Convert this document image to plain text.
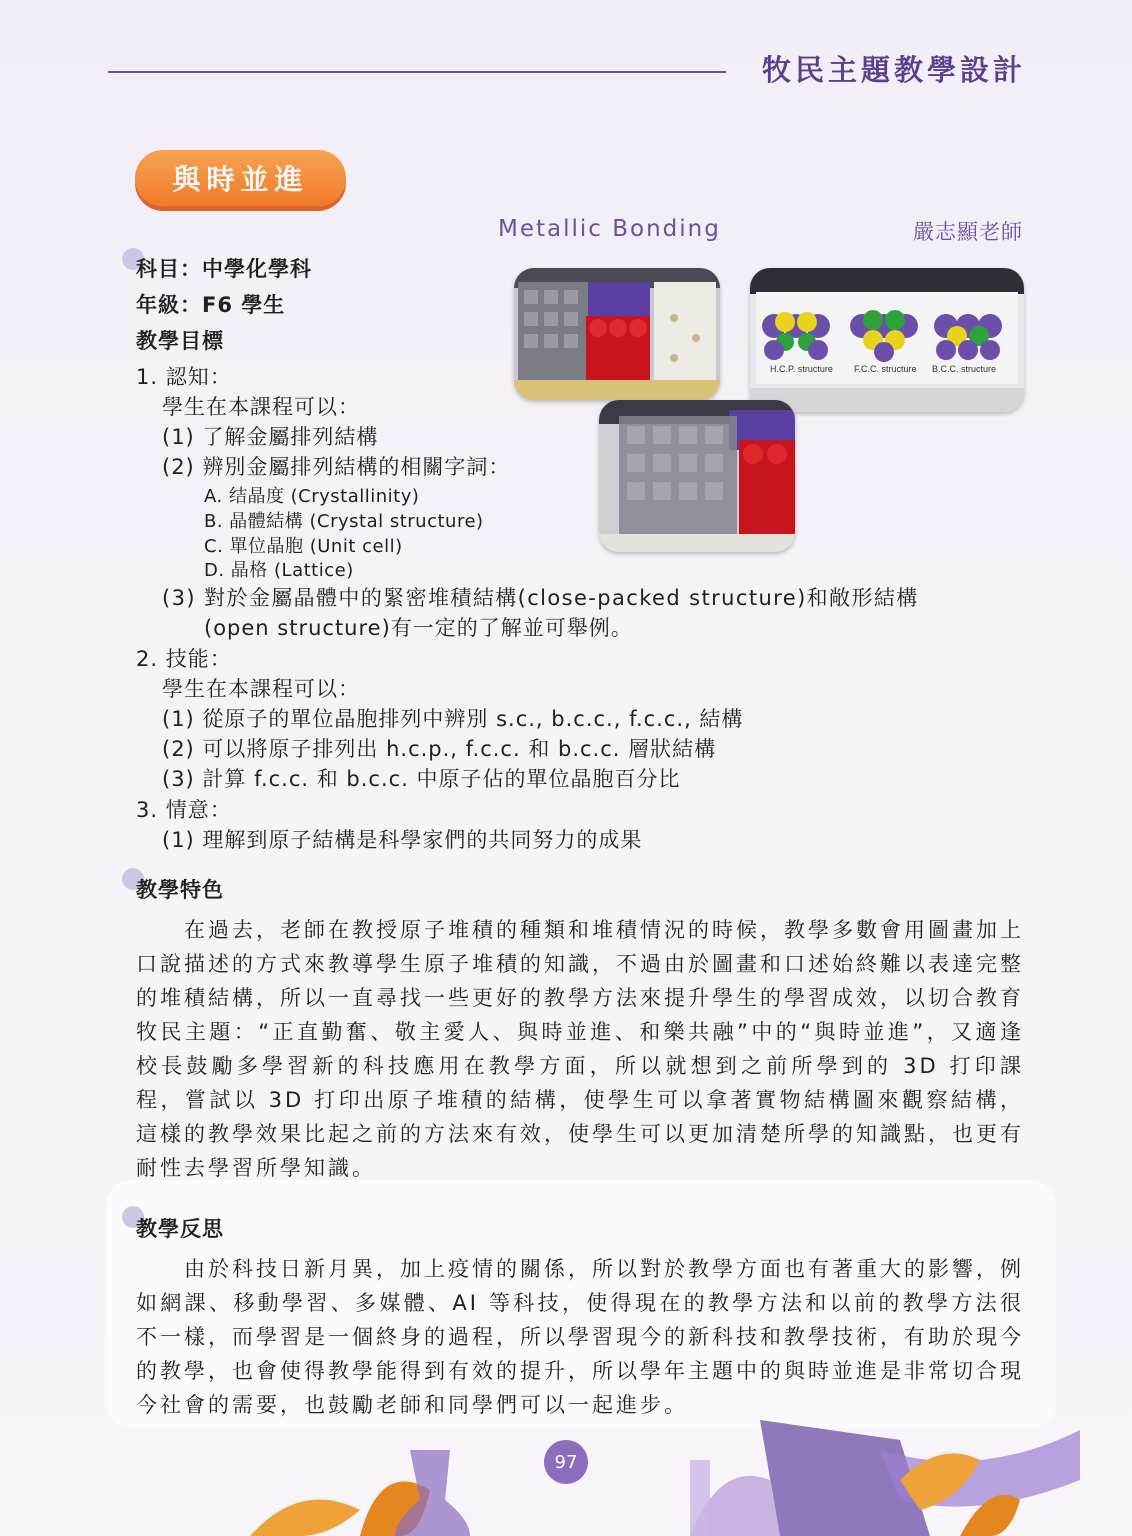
牧民主題教學設計
與時並進
Metallic Bonding	嚴志顯老師
H.C.P. structure F.C.C. structure B.C.C. structure
科目：中學化學科
年級：F6 學生
教學目標
1. 認知：
學生在本課程可以：
(1) 了解金屬排列結構
(2) 辨別金屬排列結構的相關字詞：
A. 结晶度 (Crystallinity)
B. 晶體結構 (Crystal structure)
C. 單位晶胞 (Unit cell)
D. 晶格 (Lattice)
(3) 對於金屬晶體中的緊密堆積結構(close-packed structure)和敞形結構
(open structure)有一定的了解並可舉例。
2. 技能：
學生在本課程可以：
(1) 從原子的單位晶胞排列中辨別 s.c., b.c.c., f.c.c., 結構
(2) 可以將原子排列出 h.c.p., f.c.c. 和 b.c.c. 層狀結構
(3) 計算 f.c.c. 和 b.c.c. 中原子佔的單位晶胞百分比
3. 情意：
(1) 理解到原子結構是科學家們的共同努力的成果
教學特色

在過去，老師在教授原子堆積的種類和堆積情況的時候，教學多數會用圖畫加上口說描述的方式來教導學生原子堆積的知識，不過由於圖畫和口述始終難以表達完整的堆積結構，所以一直尋找一些更好的教學方法來提升學生的學習成效，以切合教育牧民主題：“正直勤奮、敬主愛人、與時並進、和樂共融”中的“與時並進”，又適逢校長鼓勵多學習新的科技應用在教學方面，所以就想到之前所學到的 3D 打印課程，嘗試以 3D 打印出原子堆積的結構，使學生可以拿著實物結構圖來觀察結構，這樣的教學效果比起之前的方法來有效，使學生可以更加清楚所學的知識點，也更有耐性去學習所學知識。

教學反思

由於科技日新月異，加上疫情的關係，所以對於教學方面也有著重大的影響，例如網課、移動學習、多媒體、AI 等科技，使得現在的教學方法和以前的教學方法很不一樣，而學習是一個終身的過程，所以學習現今的新科技和教學技術，有助於現今的教學，也會使得教學能得到有效的提升，所以學年主題中的與時並進是非常切合現今社會的需要，也鼓勵老師和同學們可以一起進步。

97
